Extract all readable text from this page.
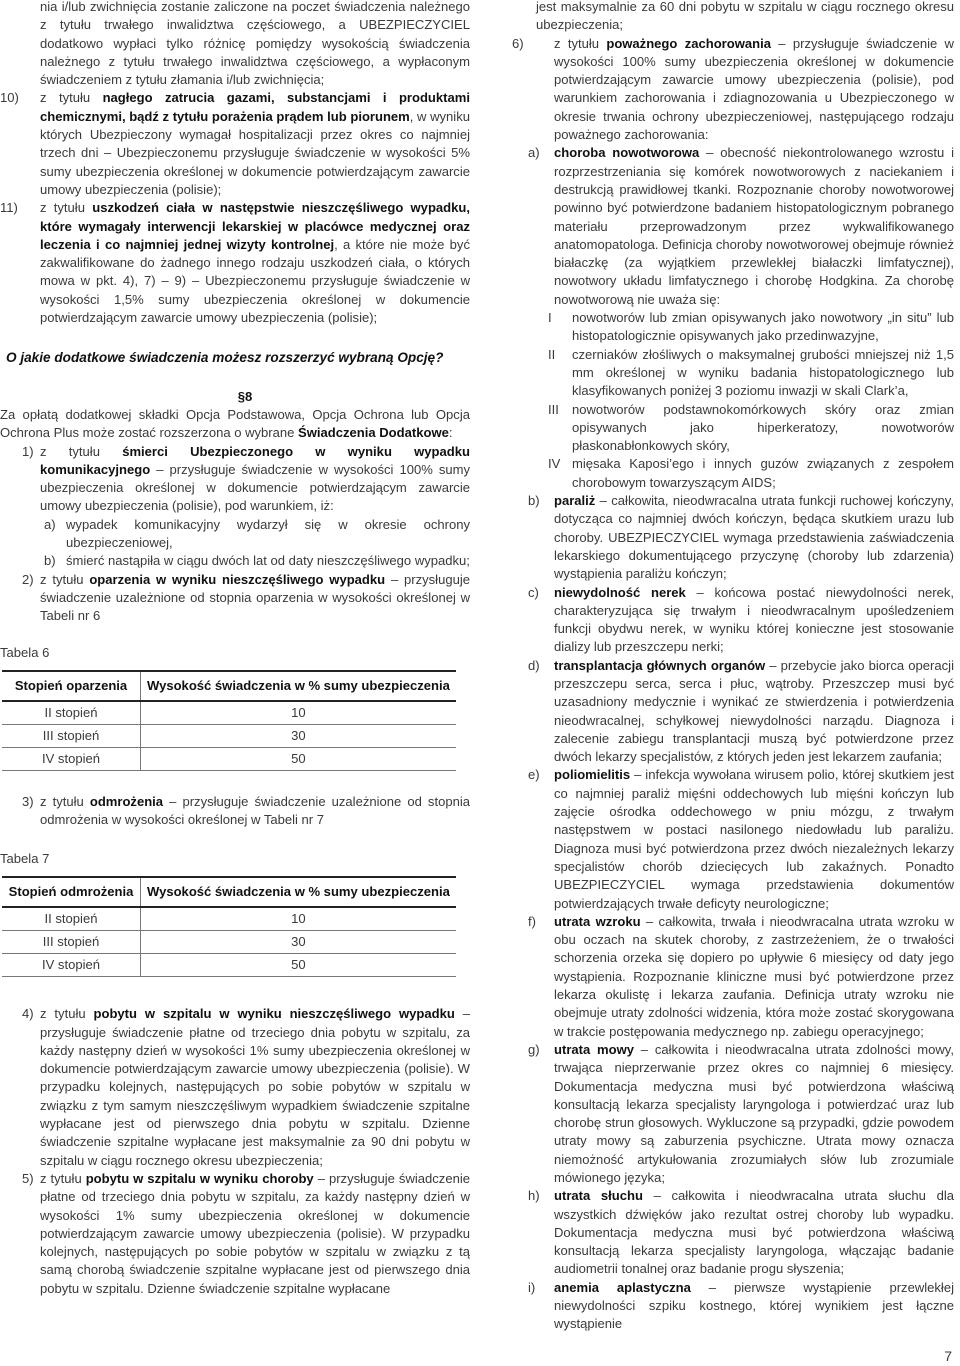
nia i/lub zwichnięcia zostanie zaliczone na poczet świadczenia należnego z tytułu trwałego inwalidztwa częściowego, a UBEZPIECZYCIEL dodatkowo wypłaci tylko różnicę pomiędzy wysokością świadczenia należnego z tytułu trwałego inwalidztwa częściowego, a wypłaconym świadczeniem z tytułu złamania i/lub zwichnięcia;

10) z tytułu nagłego zatrucia gazami, substancjami i produktami chemicznymi, bądź z tytułu porażenia prądem lub piorunem, w wyniku których Ubezpieczony wymagał hospitalizacji przez okres co najmniej trzech dni – Ubezpieczonemu przysługuje świadczenie w wysokości 5% sumy ubezpieczenia określonej w dokumencie potwierdzającym zawarcie umowy ubezpieczenia (polisie);

11) z tytułu uszkodzeń ciała w następstwie nieszczęśliwego wypadku, które wymagały interwencji lekarskiej w placówce medycznej oraz leczenia i co najmniej jednej wizyty kontrolnej, a które nie może być zakwalifikowane do żadnego innego rodzaju uszkodzeń ciała, o których mowa w pkt. 4), 7) – 9) – Ubezpieczonemu przysługuje świadczenie w wysokości 1,5% sumy ubezpieczenia określonej w dokumencie potwierdzającym zawarcie umowy ubezpieczenia (polisie);

O jakie dodatkowe świadczenia możesz rozszerzyć wybraną Opcję?

§8

Za opłatą dodatkowej składki Opcja Podstawowa, Opcja Ochrona lub Opcja Ochrona Plus może zostać rozszerzona o wybrane Świadczenia Dodatkowe:

1) z tytułu śmierci Ubezpieczonego w wyniku wypadku komunikacyjnego – przysługuje świadczenie w wysokości 100% sumy ubezpieczenia określonej w dokumencie potwierdzającym zawarcie umowy ubezpieczenia (polisie), pod warunkiem, iż:

a) wypadek komunikacyjny wydarzył się w okresie ochrony ubezpieczeniowej,

b) śmierć nastąpiła w ciągu dwóch lat od daty nieszczęśliwego wypadku;

2) z tytułu oparzenia w wyniku nieszczęśliwego wypadku – przysługuje świadczenie uzależnione od stopnia oparzenia w wysokości określonej w Tabeli nr 6

Tabela 6

Stopień oparzenia	Wysokość świadczenia w % sumy ubezpieczenia
II stopień	10
III stopień	30
IV stopień	50

3) z tytułu odmrożenia – przysługuje świadczenie uzależnione od stopnia odmrożenia w wysokości określonej w Tabeli nr 7

Tabela 7

Stopień odmrożenia	Wysokość świadczenia w % sumy ubezpieczenia
II stopień	10
III stopień	30
IV stopień	50

4) z tytułu pobytu w szpitalu w wyniku nieszczęśliwego wypadku – przysługuje świadczenie płatne od trzeciego dnia pobytu w szpitalu, za każdy następny dzień w wysokości 1% sumy ubezpieczenia określonej w dokumencie potwierdzającym zawarcie umowy ubezpieczenia (polisie). W przypadku kolejnych, następujących po sobie pobytów w szpitalu w związku z tym samym nieszczęśliwym wypadkiem świadczenie szpitalne wypłacane jest od pierwszego dnia pobytu w szpitalu. Dzienne świadczenie szpitalne wypłacane jest maksymalnie za 90 dni pobytu w szpitalu w ciągu rocznego okresu ubezpieczenia;

5) z tytułu pobytu w szpitalu w wyniku choroby – przysługuje świadczenie płatne od trzeciego dnia pobytu w szpitalu, za każdy następny dzień w wysokości 1% sumy ubezpieczenia określonej w dokumencie potwierdzającym zawarcie umowy ubezpieczenia (polisie). W przypadku kolejnych, następujących po sobie pobytów w szpitalu w związku z tą samą chorobą świadczenie szpitalne wypłacane jest od pierwszego dnia pobytu w szpitalu. Dzienne świadczenie szpitalne wypłacane

jest maksymalnie za 60 dni pobytu w szpitalu w ciągu rocznego okresu ubezpieczenia;

6) z tytułu poważnego zachorowania – przysługuje świadczenie w wysokości 100% sumy ubezpieczenia określonej w dokumencie potwierdzającym zawarcie umowy ubezpieczenia (polisie), pod warunkiem zachorowania i zdiagnozowania u Ubezpieczonego w okresie trwania ochrony ubezpieczeniowej, następującego rodzaju poważnego zachorowania:

a) choroba nowotworowa – obecność niekontrolowanego wzrostu i rozprzestrzeniania się komórek nowotworowych z naciekaniem i destrukcją prawidłowej tkanki. Rozpoznanie choroby nowotworowej powinno być potwierdzone badaniem histopatologicznym pobranego materiału przeprowadzonym przez wykwalifikowanego anatomopatologa. Definicja choroby nowotworowej obejmuje również białaczkę (za wyjątkiem przewlekłej białaczki limfatycznej), nowotwory układu limfatycznego i chorobę Hodgkina. Za chorobę nowotworową nie uważa się:

I nowotworów lub zmian opisywanych jako nowotwory „in situ” lub histopatologicznie opisywanych jako przedinwazyjne,

II czerniaków złośliwych o maksymalnej grubości mniejszej niż 1,5 mm określonej w wyniku badania histopatologicznego lub klasyfikowanych poniżej 3 poziomu inwazji w skali Clark’a,

III nowotworów podstawnokomórkowych skóry oraz zmian opisywanych jako hiperkeratozy, nowotworów płaskonabłonkowych skóry,

IV mięsaka Kaposi’ego i innych guzów związanych z zespołem chorobowym towarzyszącym AIDS;

b) paraliż – całkowita, nieodwracalna utrata funkcji ruchowej kończyny, dotycząca co najmniej dwóch kończyn, będąca skutkiem urazu lub choroby. UBEZPIECZYCIEL wymaga przedstawienia zaświadczenia lekarskiego dokumentującego przyczynę (choroby lub zdarzenia) wystąpienia paraliżu kończyn;

c) niewydolność nerek – końcowa postać niewydolności nerek, charakteryzująca się trwałym i nieodwracalnym upośledzeniem funkcji obydwu nerek, w wyniku której konieczne jest stosowanie dializy lub przeszczepu nerki;

d) transplantacja głównych organów – przebycie jako biorca operacji przeszczepu serca, serca i płuc, wątroby. Przeszczep musi być uzasadniony medycznie i wynikać ze stwierdzenia i potwierdzenia nieodwracalnej, schyłkowej niewydolności narządu. Diagnoza i zalecenie zabiegu transplantacji muszą być potwierdzone przez dwóch lekarzy specjalistów, z których jeden jest lekarzem zaufania;

e) poliomielitis – infekcja wywołana wirusem polio, której skutkiem jest co najmniej paraliż mięśni oddechowych lub mięśni kończyn lub zajęcie ośrodka oddechowego w pniu mózgu, z trwałym następstwem w postaci nasilonego niedowładu lub paraliżu. Diagnoza musi być potwierdzona przez dwóch niezależnych lekarzy specjalistów chorób dziecięcych lub zakaźnych. Ponadto UBEZPIECZYCIEL wymaga przedstawienia dokumentów potwierdzających trwałe deficyty neurologiczne;

f) utrata wzroku – całkowita, trwała i nieodwracalna utrata wzroku w obu oczach na skutek choroby, z zastrzeżeniem, że o trwałości schorzenia orzeka się dopiero po upływie 6 miesięcy od daty jego wystąpienia. Rozpoznanie kliniczne musi być potwierdzone przez lekarza okulistę i lekarza zaufania. Definicja utraty wzroku nie obejmuje utraty zdolności widzenia, która może zostać skorygowana w trakcie postępowania medycznego np. zabiegu operacyjnego;

g) utrata mowy – całkowita i nieodwracalna utrata zdolności mowy, trwająca nieprzerwanie przez okres co najmniej 6 miesięcy. Dokumentacja medyczna musi być potwierdzona właściwą konsultacją lekarza specjalisty laryngologa i potwierdzać uraz lub chorobę strun głosowych. Wykluczone są przypadki, gdzie powodem utraty mowy są zaburzenia psychiczne. Utrata mowy oznacza niemożność artykułowania zrozumiałych słów lub zrozumiale mówionego języka;

h) utrata słuchu – całkowita i nieodwracalna utrata słuchu dla wszystkich dźwięków jako rezultat ostrej choroby lub wypadku. Dokumentacja medyczna musi być potwierdzona właściwą konsultacją lekarza specjalisty laryngologa, włączając badanie audiometrii tonalnej oraz badanie progu słyszenia;

i) anemia aplastyczna – pierwsze wystąpienie przewlekłej niewydolności szpiku kostnego, której wynikiem jest łączne wystąpienie

7
